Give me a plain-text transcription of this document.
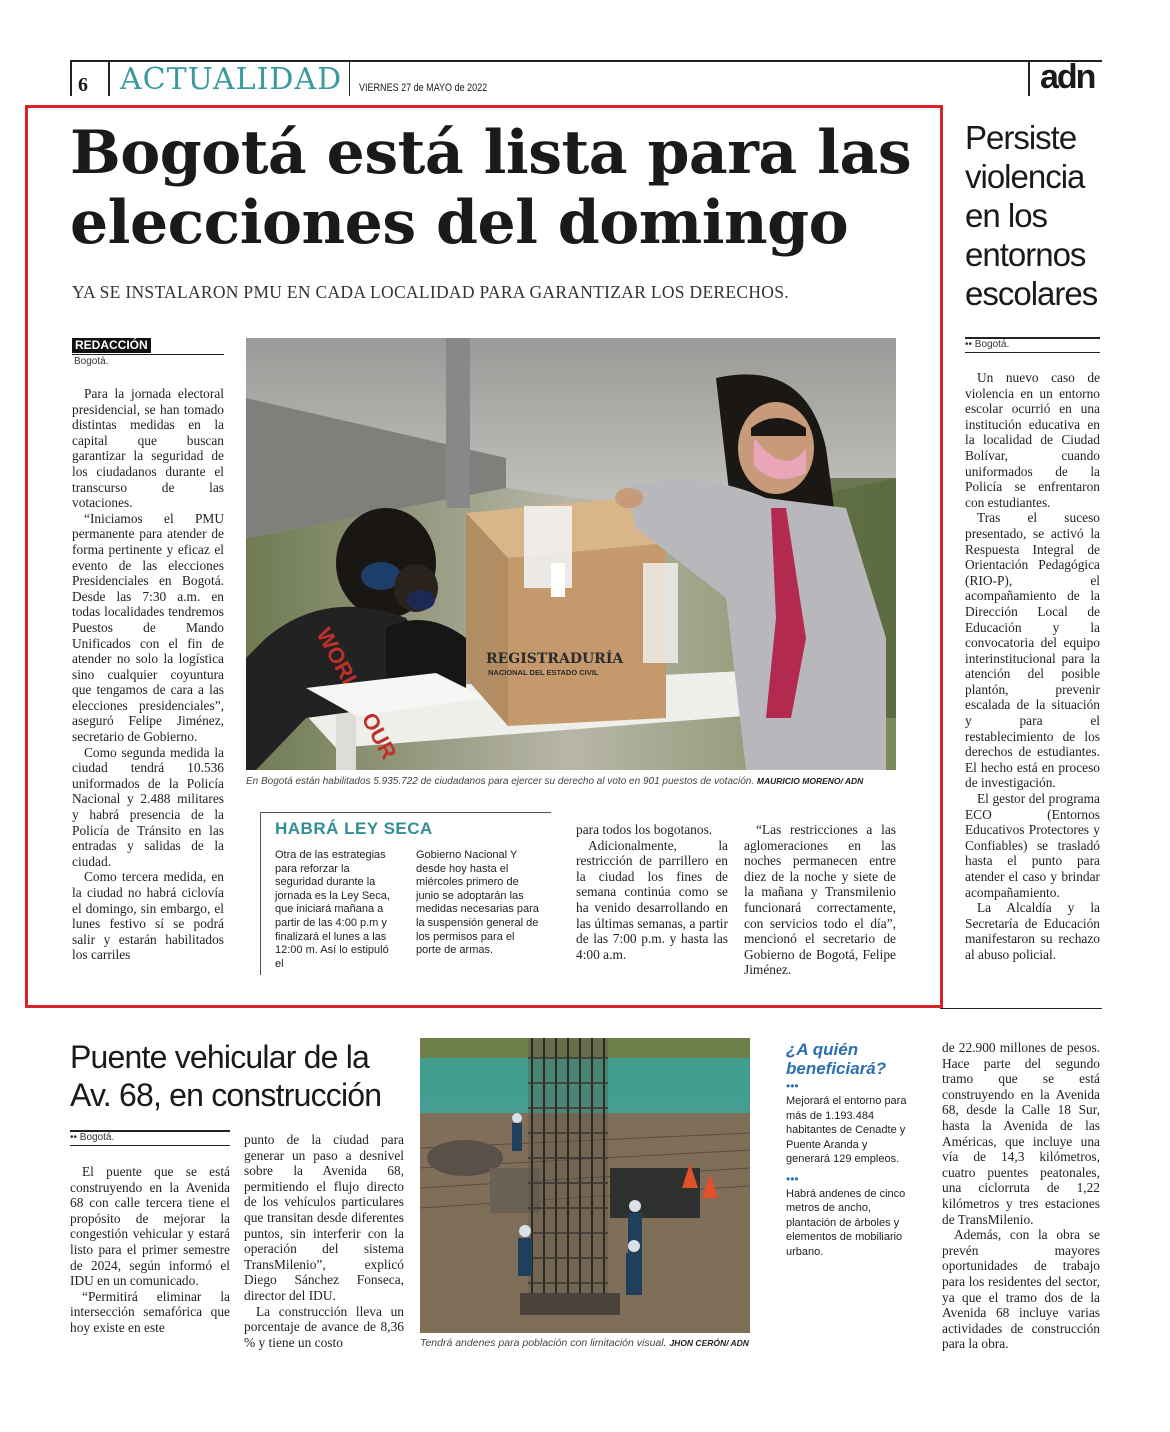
6 ACTUALIDAD VIERNES 27 de MAYO de 2022	adn
Bogotá está lista para las elecciones del domingo
YA SE INSTALARON PMU EN CADA LOCALIDAD PARA GARANTIZAR LOS DERECHOS.
REDACCIÓN
Bogotá.

Para la jornada electoral presidencial, se han tomado distintas medidas en la capital que buscan garantizar la seguridad de los ciudadanos durante el transcurso de las votaciones.

“Iniciamos el PMU permanente para atender de forma pertinente y eficaz el evento de las elecciones Presidenciales en Bogotá. Desde las 7:30 a.m. en todas localidades tendremos Puestos de Mando Unificados con el fin de atender no solo la logística sino cualquier coyuntura que tengamos de cara a las elecciones presidenciales”, aseguró Felipe Jiménez, secretario de Gobierno.

Como segunda medida la ciudad tendrá 10.536 uniformados de la Policía Nacional y 2.488 militares y habrá presencia de la Policía de Tránsito en las entradas y salidas de la ciudad.

Como tercera medida, en la ciudad no habrá ciclovía el domingo, sin embargo, el lunes festivo sí se podrá salir y estarán habilitados los carriles

REGISTRADURÍA
NACIONAL DEL ESTADO CIVIL
En Bogotá están habilitados 5.935.722 de ciudadanos para ejercer su derecho al voto en 901 puestos de votación. MAURICIO MORENO/ ADN
HABRÁ LEY SECA
Otra de las estrategias para reforzar la seguridad durante la jornada es la Ley Seca, que iniciará mañana a partir de las 4:00 p.m y finalizará el lunes a las 12:00 m. Así lo estipuló el
Gobierno Nacional Y desde hoy hasta el miércoles primero de junio se adoptarán las medidas necesarias para la suspensión general de los permisos para el porte de armas.

para todos los bogotanos.

Adicionalmente, la restricción de parrillero en la ciudad los fines de semana continúa como se ha venido desarrollando en las últimas semanas, a partir de las 7:00 p.m. y hasta las 4:00 a.m.

“Las restricciones a las aglomeraciones en las noches permanecen entre diez de la noche y siete de la mañana y Transmilenio funcionará correctamente, con servicios todo el día”, mencionó el secretario de Gobierno de Bogotá, Felipe Jiménez.

Persiste violencia en los entornos escolares
•• Bogotá.

Un nuevo caso de violencia en un entorno escolar ocurrió en una institución educativa en la localidad de Ciudad Bolívar, cuando uniformados de la Policía se enfrentaron con estudiantes.

Tras el suceso presentado, se activó la Respuesta Integral de Orientación Pedagógica (RIO-P), el acompañamiento de la Dirección Local de Educación y la convocatoria del equipo interinstitucional para la atención del posible plantón, prevenir escalada de la situación y para el restablecimiento de los derechos de estudiantes. El hecho está en proceso de investigación.

El gestor del programa ECO (Entornos Educativos Protectores y Confiables) se trasladó hasta el punto para atender el caso y brindar acompañamiento.

La Alcaldía y la Secretaría de Educación manifestaron su rechazo al abuso policial.

Puente vehicular de la Av. 68, en construcción
•• Bogotá.

El puente que se está construyendo en la Avenida 68 con calle tercera tiene el propósito de mejorar la congestión vehicular y estará listo para el primer semestre de 2024, según informó el IDU en un comunicado.

“Permitirá eliminar la intersección semafórica que hoy existe en este

punto de la ciudad para generar un paso a desnivel sobre la Avenida 68, permitiendo el flujo directo de los vehículos particulares que transitan desde diferentes puntos, sin interferir con la operación del sistema TransMilenio”, explicó Diego Sánchez Fonseca, director del IDU.

La construcción lleva un porcentaje de avance de 8,36 % y tiene un costo	Tendrá andenes para población con limitación visual. JHON CERÓN/ ADN
¿A quién beneficiará?
•••
Mejorará el entorno para más de 1.193.484 habitantes de Cenadte y Puente Aranda y generará 129 empleos.
•••
Habrá andenes de cinco metros de ancho, plantación de árboles y elementos de mobiliario urbano.

de 22.900 millones de pesos. Hace parte del segundo tramo que se está construyendo en la Avenida 68, desde la Calle 18 Sur, hasta la Avenida de las Américas, que incluye una vía de 14,3 kilómetros, cuatro puentes peatonales, una ciclorruta de 1,22 kilómetros y tres estaciones de TransMilenio.

Además, con la obra se prevén mayores oportunidades de trabajo para los residentes del sector, ya que el tramo dos de la Avenida 68 incluye varias actividades de construcción para la obra.
